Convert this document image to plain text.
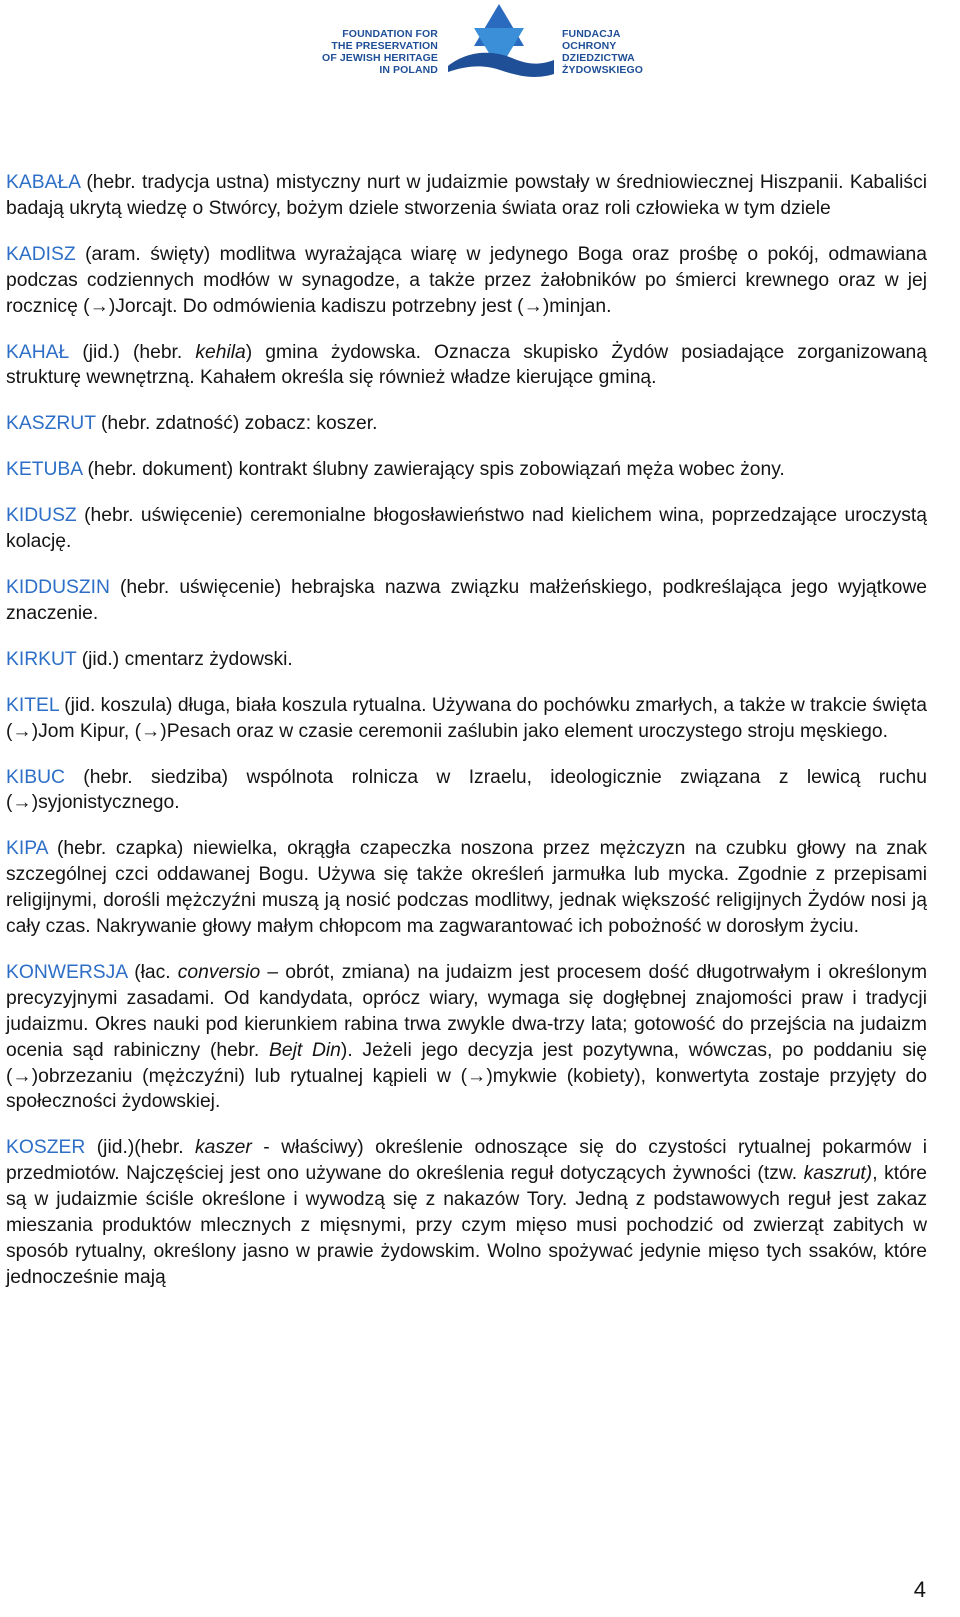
FOUNDATION FOR
THE PRESERVATION
OF JEWISH HERITAGE
IN POLAND
FUNDACJA
OCHRONY
DZIEDZICTWA
ŻYDOWSKIEGO

KABAŁA (hebr. tradycja ustna) mistyczny nurt w judaizmie powstały w średniowiecznej Hiszpanii. Kabaliści badają ukrytą wiedzę o Stwórcy, bożym dziele stworzenia świata oraz roli człowieka w tym dziele

KADISZ (aram. święty) modlitwa wyrażająca wiarę w jedynego Boga oraz prośbę o pokój, odmawiana podczas codziennych modłów w synagodze, a także przez żałobników po śmierci krewnego oraz w jej rocznicę (→)Jorcajt. Do odmówienia kadiszu potrzebny jest (→)minjan.

KAHAŁ (jid.) (hebr. kehila) gmina żydowska. Oznacza skupisko Żydów posiadające zorganizowaną strukturę wewnętrzną. Kahałem określa się również władze kierujące gminą.

KASZRUT (hebr. zdatność) zobacz: koszer.

KETUBA (hebr. dokument) kontrakt ślubny zawierający spis zobowiązań męża wobec żony.

KIDUSZ (hebr. uświęcenie) ceremonialne błogosławieństwo nad kielichem wina, poprzedzające uroczystą kolację.

KIDDUSZIN (hebr. uświęcenie) hebrajska nazwa związku małżeńskiego, podkreślająca jego wyjątkowe znaczenie.

KIRKUT (jid.) cmentarz żydowski.

KITEL (jid. koszula) długa, biała koszula rytualna. Używana do pochówku zmarłych, a także w trakcie święta (→)Jom Kipur, (→)Pesach oraz w czasie ceremonii zaślubin jako element uroczystego stroju męskiego.

KIBUC (hebr. siedziba) wspólnota rolnicza w Izraelu, ideologicznie związana z lewicą ruchu (→)syjonistycznego.

KIPA (hebr. czapka) niewielka, okrągła czapeczka noszona przez mężczyzn na czubku głowy na znak szczególnej czci oddawanej Bogu. Używa się także określeń jarmułka lub mycka. Zgodnie z przepisami religijnymi, dorośli mężczyźni muszą ją nosić podczas modlitwy, jednak większość religijnych Żydów nosi ją cały czas. Nakrywanie głowy małym chłopcom ma zagwarantować ich pobożność w dorosłym życiu.

KONWERSJA (łac. conversio – obrót, zmiana) na judaizm jest procesem dość długotrwałym i określonym precyzyjnymi zasadami. Od kandydata, oprócz wiary, wymaga się dogłębnej znajomości praw i tradycji judaizmu. Okres nauki pod kierunkiem rabina trwa zwykle dwa-trzy lata; gotowość do przejścia na judaizm ocenia sąd rabiniczny (hebr. Bejt Din). Jeżeli jego decyzja jest pozytywna, wówczas, po poddaniu się (→)obrzezaniu (mężczyźni) lub rytualnej kąpieli w (→)mykwie (kobiety), konwertyta zostaje przyjęty do społeczności żydowskiej.

KOSZER (jid.)(hebr. kaszer - właściwy) określenie odnoszące się do czystości rytualnej pokarmów i przedmiotów. Najczęściej jest ono używane do określenia reguł dotyczących żywności (tzw. kaszrut), które są w judaizmie ściśle określone i wywodzą się z nakazów Tory. Jedną z podstawowych reguł jest zakaz mieszania produktów mlecznych z mięsnymi, przy czym mięso musi pochodzić od zwierząt zabitych w sposób rytualny, określony jasno w prawie żydowskim. Wolno spożywać jedynie mięso tych ssaków, które jednocześnie mają

4
